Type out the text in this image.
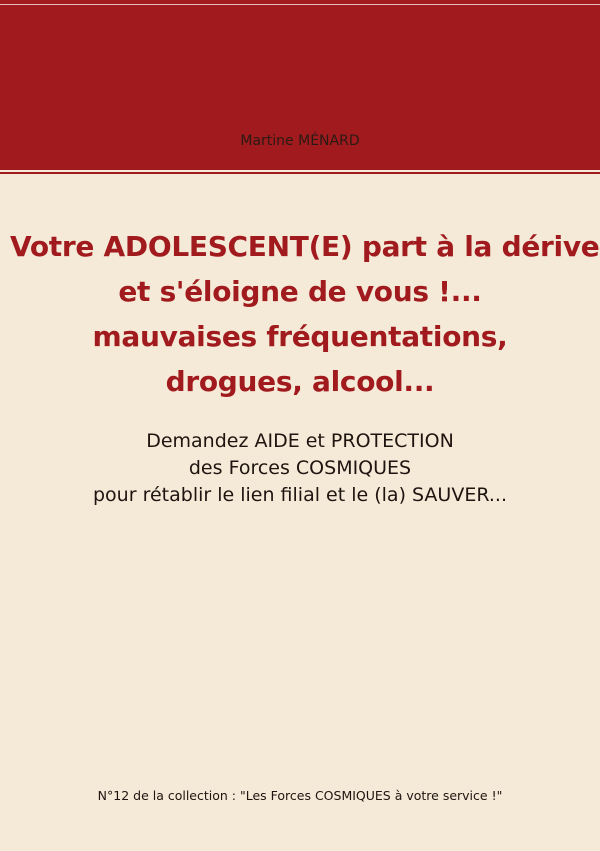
Martine MÉNARD
Votre ADOLESCENT(E) part à la dérive
et s'éloigne de vous !...
mauvaises fréquentations,
drogues, alcool...
Demandez AIDE et PROTECTION
des Forces COSMIQUES
pour rétablir le lien filial et le (la) SAUVER...
N°12 de la collection : "Les Forces COSMIQUES à votre service !"
